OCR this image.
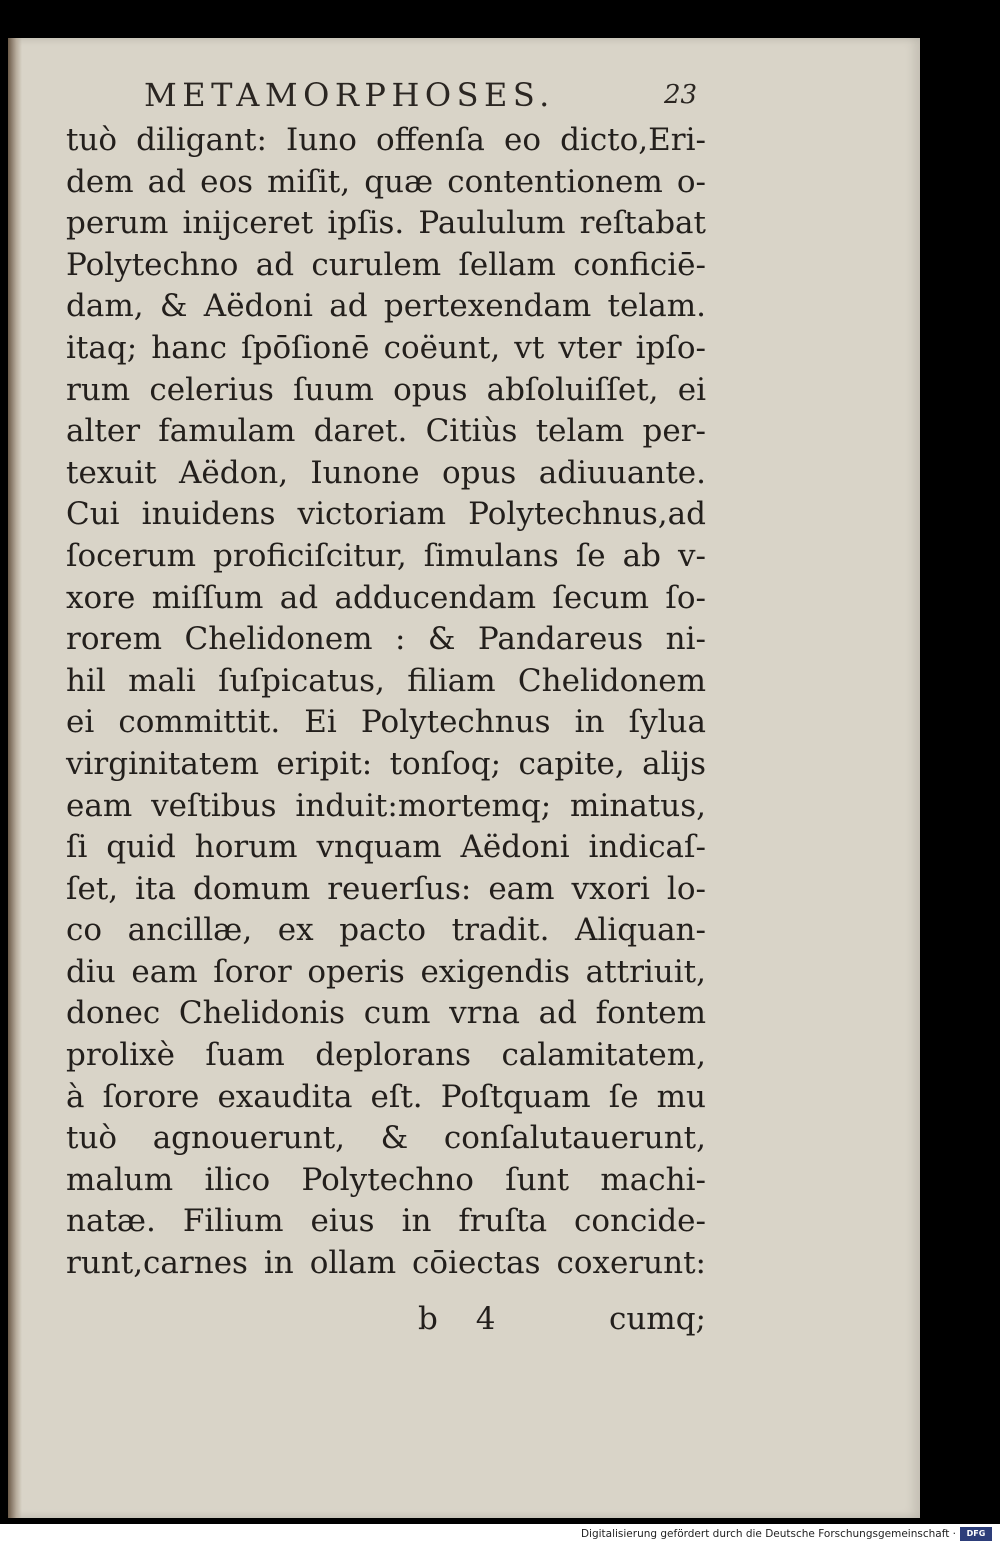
METAMORPHOSES.	23
tuò diligant: Iuno offenſa eo dicto,Eri-
dem ad eos miſit, quæ contentionem o-
perum inijceret ipſis. Paululum reſtabat
Polytechno ad curulem ſellam conficiē-
dam, & Aëdoni ad pertexendam telam.
itaq; hanc ſpōſionē coëunt, vt vter ipſo-
rum celerius ſuum opus abſoluiſſet, ei
alter famulam daret. Citiùs telam per-
texuit Aëdon, Iunone opus adiuuante.
Cui inuidens victoriam Polytechnus,ad
ſocerum proficiſcitur, ſimulans ſe ab v-
xore miſſum ad adducendam ſecum ſo-
rorem Chelidonem : & Pandareus ni-
hil mali ſuſpicatus, filiam Chelidonem
ei committit. Ei Polytechnus in ſylua
virginitatem eripit: tonſoq; capite, alijs
eam veſtibus induit:mortemq; minatus,
ſi quid horum vnquam Aëdoni indicaſ-
ſet, ita domum reuerſus: eam vxori lo-
co ancillæ, ex pacto tradit. Aliquan-
diu eam ſoror operis exigendis attriuit,
donec Chelidonis cum vrna ad fontem
prolixè ſuam deplorans calamitatem,
à ſorore exaudita eſt. Poſtquam ſe mu
tuò agnouerunt, & conſalutauerunt,
malum ilico Polytechno ſunt machi-
natæ. Filium eius in fruſta concide-
runt,carnes in ollam cōiectas coxerunt:
b 4	cumq;
Digitalisierung gefördert durch die Deutsche Forschungsgemeinschaft ·	DFG
